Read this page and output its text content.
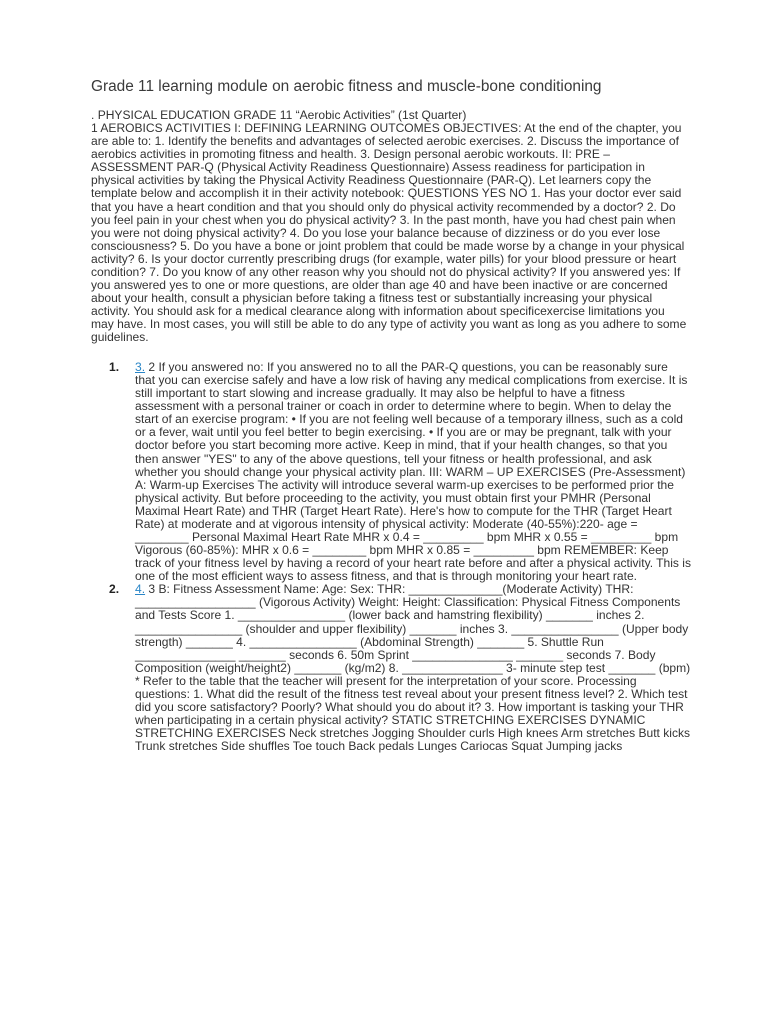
Grade 11 learning module on aerobic fitness and muscle-bone conditioning

. PHYSICAL EDUCATION GRADE 11 “Aerobic Activities” (1st Quarter)
1 AEROBICS ACTIVITIES I: DEFINING LEARNING OUTCOMES OBJECTIVES: At the end of the chapter, you are able to: 1. Identify the benefits and advantages of selected aerobic exercises. 2. Discuss the importance of aerobics activities in promoting fitness and health. 3. Design personal aerobic workouts. II: PRE – ASSESSMENT PAR-Q (Physical Activity Readiness Questionnaire) Assess readiness for participation in physical activities by taking the Physical Activity Readiness Questionnaire (PAR-Q). Let learners copy the template below and accomplish it in their activity notebook: QUESTIONS YES NO 1. Has your doctor ever said that you have a heart condition and that you should only do physical activity recommended by a doctor? 2. Do you feel pain in your chest when you do physical activity? 3. In the past month, have you had chest pain when you were not doing physical activity? 4. Do you lose your balance because of dizziness or do you ever lose consciousness? 5. Do you have a bone or joint problem that could be made worse by a change in your physical activity? 6. Is your doctor currently prescribing drugs (for example, water pills) for your blood pressure or heart condition? 7. Do you know of any other reason why you should not do physical activity? If you answered yes: If you answered yes to one or more questions, are older than age 40 and have been inactive or are concerned about your health, consult a physician before taking a fitness test or substantially increasing your physical activity. You should ask for a medical clearance along with information about specificexercise limitations you may have. In most cases, you will still be able to do any type of activity you want as long as you adhere to some guidelines.

1. 3. 2 If you answered no: If you answered no to all the PAR-Q questions, you can be reasonably sure that you can exercise safely and have a low risk of having any medical complications from exercise. It is still important to start slowing and increase gradually. It may also be helpful to have a fitness assessment with a personal trainer or coach in order to determine where to begin. When to delay the start of an exercise program: • If you are not feeling well because of a temporary illness, such as a cold or a fever, wait until you feel better to begin exercising. • If you are or may be pregnant, talk with your doctor before you start becoming more active. Keep in mind, that if your health changes, so that you then answer "YES" to any of the above questions, tell your fitness or health professional, and ask whether you should change your physical activity plan. III: WARM – UP EXERCISES (Pre-Assessment) A: Warm-up Exercises The activity will introduce several warm-up exercises to be performed prior the physical activity. But before proceeding to the activity, you must obtain first your PMHR (Personal Maximal Heart Rate) and THR (Target Heart Rate). Here's how to compute for the THR (Target Heart Rate) at moderate and at vigorous intensity of physical activity: Moderate (40-55%):220- age = ________ Personal Maximal Heart Rate MHR x 0.4 = _________ bpm MHR x 0.55 = _________ bpm Vigorous (60-85%): MHR x 0.6 = ________ bpm MHR x 0.85 = _________ bpm REMEMBER: Keep track of your fitness level by having a record of your heart rate before and after a physical activity. This is one of the most efficient ways to assess fitness, and that is through monitoring your heart rate.
2. 4. 3 B: Fitness Assessment Name: Age: Sex: THR: ______________(Moderate Activity) THR: __________________ (Vigorous Activity) Weight: Height: Classification: Physical Fitness Components and Tests Score 1. ________________ (lower back and hamstring flexibility) _______ inches 2. ________________ (shoulder and upper flexibility) _______ inches 3. ________________ (Upper body strength) _______ 4. ________________ (Abdominal Strength) _______ 5. Shuttle Run _______________ _______ seconds 6. 50m Sprint _______________ _______ seconds 7. Body Composition (weight/height2) _______ (kg/m2) 8. _______________ 3- minute step test _______ (bpm) * Refer to the table that the teacher will present for the interpretation of your score. Processing questions: 1. What did the result of the fitness test reveal about your present fitness level? 2. Which test did you score satisfactory? Poorly? What should you do about it? 3. How important is tasking your THR when participating in a certain physical activity? STATIC STRETCHING EXERCISES DYNAMIC STRETCHING EXERCISES Neck stretches Jogging Shoulder curls High knees Arm stretches Butt kicks Trunk stretches Side shuffles Toe touch Back pedals Lunges Cariocas Squat Jumping jacks
